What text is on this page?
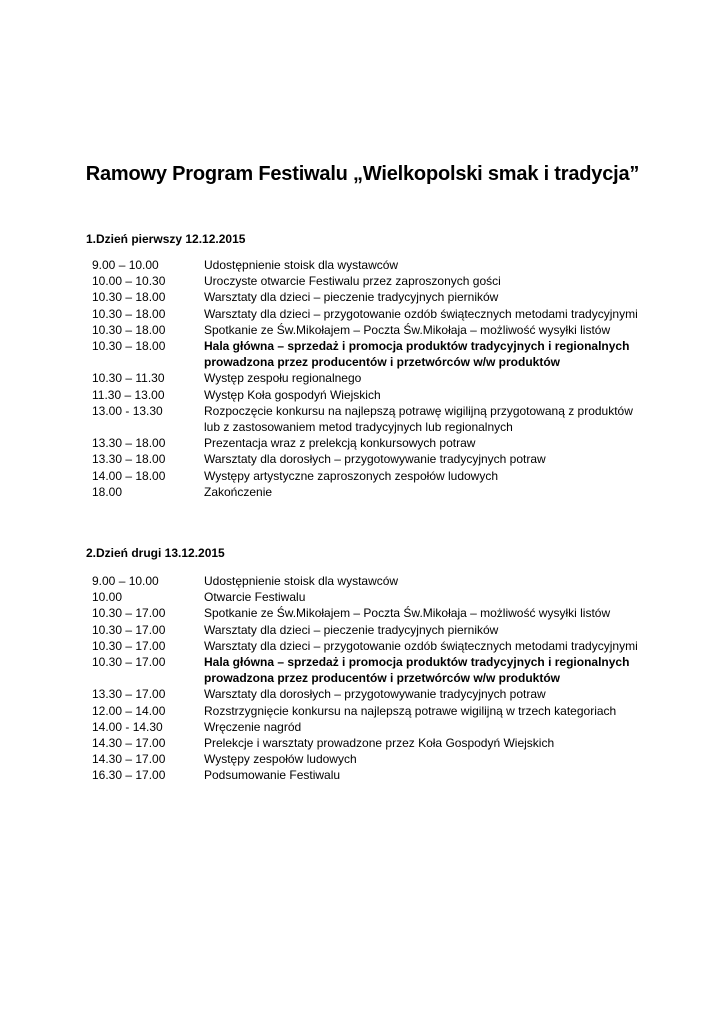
Ramowy Program Festiwalu „Wielkopolski smak i tradycja”
1.Dzień pierwszy 12.12.2015
9.00 – 10.00	Udostępnienie stoisk dla wystawców
10.00 – 10.30	Uroczyste otwarcie Festiwalu przez zaproszonych gości
10.30 – 18.00	Warsztaty dla dzieci – pieczenie tradycyjnych pierników
10.30 – 18.00	Warsztaty dla dzieci – przygotowanie ozdób świątecznych metodami tradycyjnymi
10.30 – 18.00	Spotkanie ze Św.Mikołajem – Poczta Św.Mikołaja – możliwość wysyłki listów
10.30 – 18.00	Hala główna – sprzedaż i promocja produktów tradycyjnych i regionalnych prowadzona przez producentów i przetwórców w/w produktów
10.30 – 11.30	Występ zespołu regionalnego
11.30 – 13.00	Występ Koła gospodyń Wiejskich
13.00 - 13.30	Rozpoczęcie konkursu na najlepszą potrawę wigilijną przygotowaną z produktów lub z zastosowaniem metod tradycyjnych lub regionalnych
13.30 – 18.00	Prezentacja wraz z prelekcją konkursowych potraw
13.30 – 18.00	Warsztaty dla dorosłych – przygotowywanie tradycyjnych potraw
14.00 – 18.00	Występy artystyczne zaproszonych zespołów ludowych
18.00	Zakończenie
2.Dzień drugi 13.12.2015
9.00 – 10.00	Udostępnienie stoisk dla wystawców
10.00	Otwarcie Festiwalu
10.30 – 17.00	Spotkanie ze Św.Mikołajem – Poczta Św.Mikołaja – możliwość wysyłki listów
10.30 – 17.00	Warsztaty dla dzieci – pieczenie tradycyjnych pierników
10.30 – 17.00	Warsztaty dla dzieci – przygotowanie ozdób świątecznych metodami tradycyjnymi
10.30 – 17.00	Hala główna – sprzedaż i promocja produktów tradycyjnych i regionalnych prowadzona przez producentów i przetwórców w/w produktów
13.30 – 17.00	Warsztaty dla dorosłych – przygotowywanie tradycyjnych potraw
12.00 – 14.00	Rozstrzygnięcie konkursu na najlepszą potrawe wigilijną w trzech kategoriach
14.00 - 14.30	Wręczenie nagród
14.30 – 17.00	Prelekcje i warsztaty prowadzone przez Koła Gospodyń Wiejskich
14.30 – 17.00	Występy zespołów ludowych
16.30 – 17.00	Podsumowanie Festiwalu
